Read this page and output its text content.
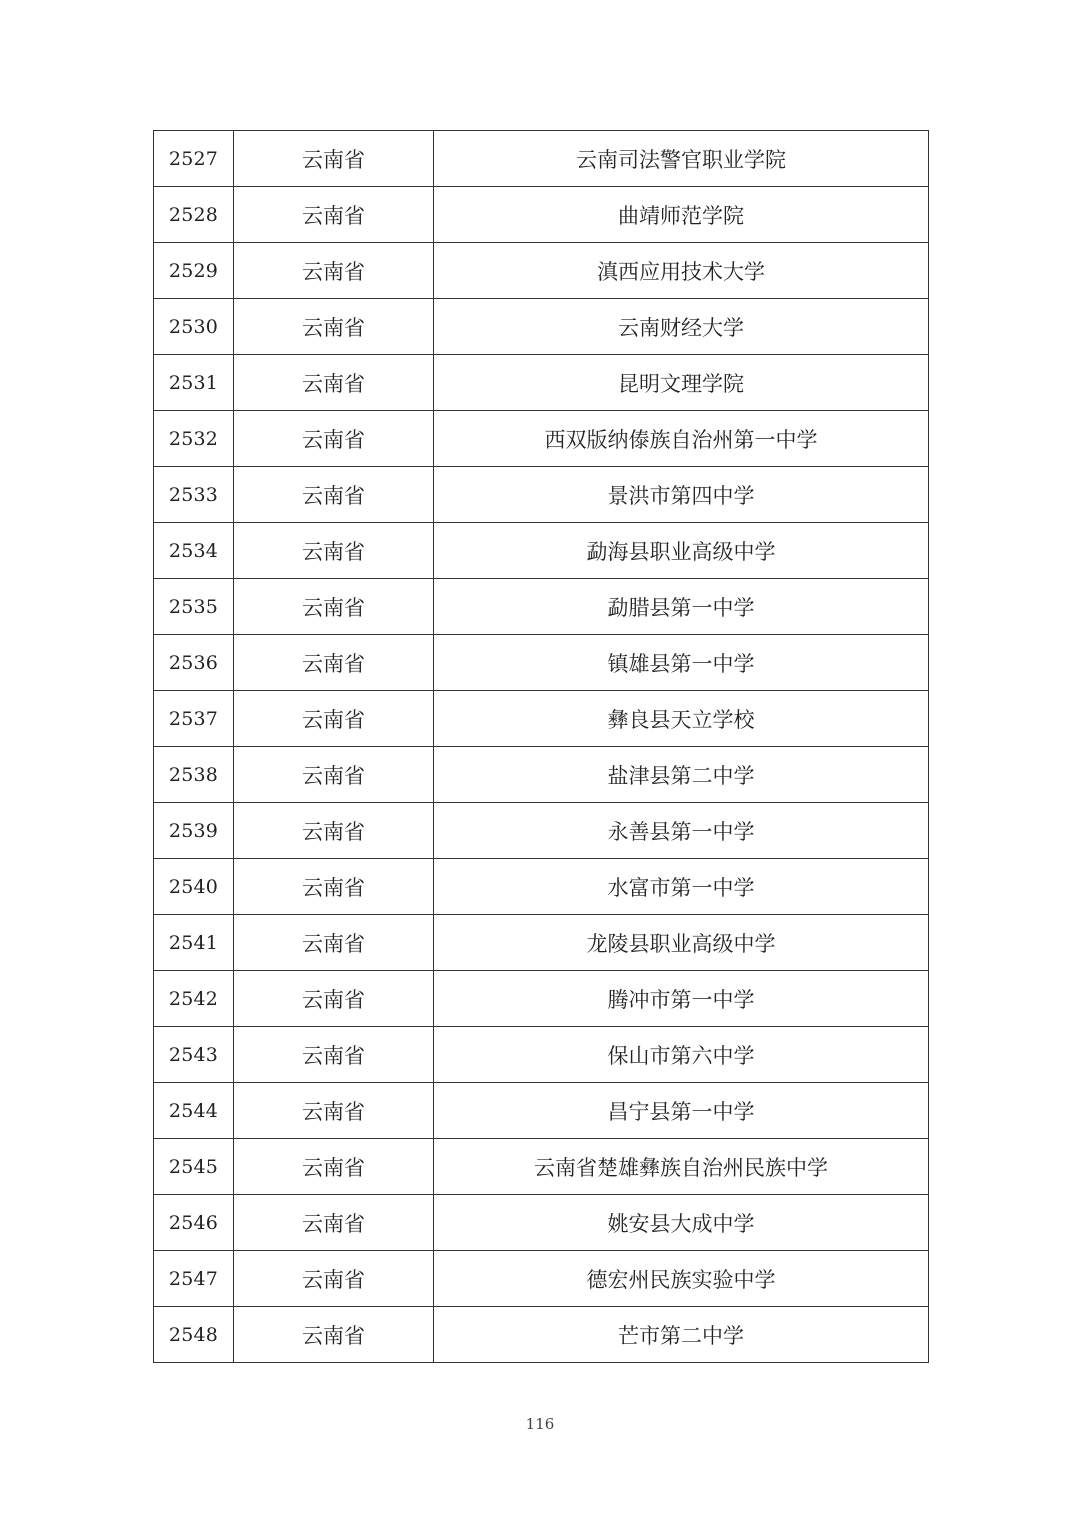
2527	云南省	云南司法警官职业学院
2528	云南省	曲靖师范学院
2529	云南省	滇西应用技术大学
2530	云南省	云南财经大学
2531	云南省	昆明文理学院
2532	云南省	西双版纳傣族自治州第一中学
2533	云南省	景洪市第四中学
2534	云南省	勐海县职业高级中学
2535	云南省	勐腊县第一中学
2536	云南省	镇雄县第一中学
2537	云南省	彝良县天立学校
2538	云南省	盐津县第二中学
2539	云南省	永善县第一中学
2540	云南省	水富市第一中学
2541	云南省	龙陵县职业高级中学
2542	云南省	腾冲市第一中学
2543	云南省	保山市第六中学
2544	云南省	昌宁县第一中学
2545	云南省	云南省楚雄彝族自治州民族中学
2546	云南省	姚安县大成中学
2547	云南省	德宏州民族实验中学
2548	云南省	芒市第二中学
116
